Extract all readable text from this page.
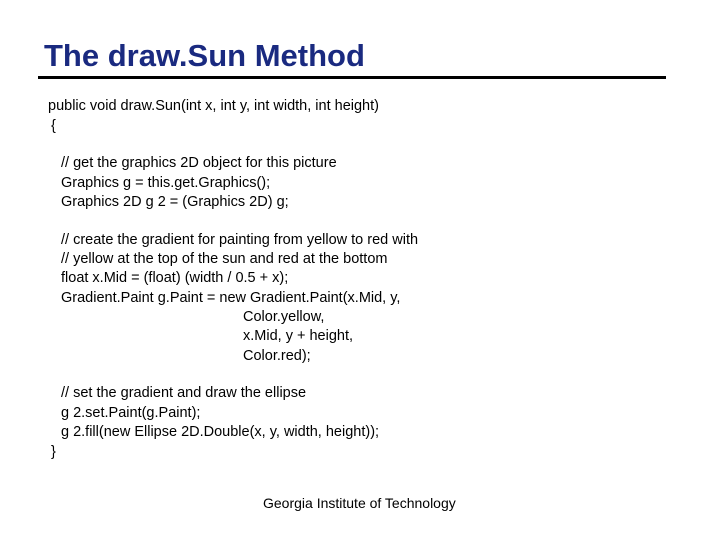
The draw.Sun Method
public void draw.Sun(int x, int y, int width, int height)
{
// get the graphics 2D object for this picture
Graphics g = this.get.Graphics();
Graphics 2D g 2 = (Graphics 2D) g;
// create the gradient for painting from yellow to red with
// yellow at the top of the sun and red at the bottom
float x.Mid = (float) (width / 0.5 + x);
Gradient.Paint g.Paint = new Gradient.Paint(x.Mid, y,
Color.yellow,
x.Mid, y + height,
Color.red);
// set the gradient and draw the ellipse
g 2.set.Paint(g.Paint);
g 2.fill(new Ellipse 2D.Double(x, y, width, height));
}
Georgia Institute of Technology
